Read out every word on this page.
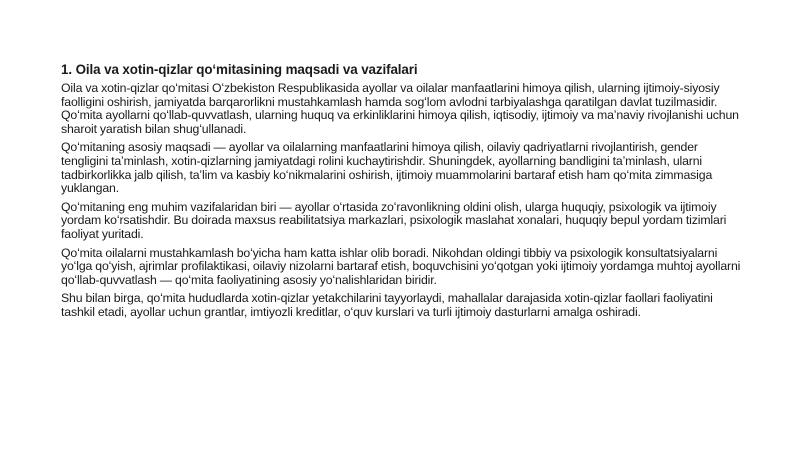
1. Oila va xotin-qizlar qoʻmitasining maqsadi va vazifalari

Oila va xotin-qizlar qoʻmitasi Oʻzbekiston Respublikasida ayollar va oilalar manfaatlarini himoya qilish, ularning ijtimoiy-siyosiy faolligini oshirish, jamiyatda barqarorlikni mustahkamlash hamda sogʻlom avlodni tarbiyalashga qaratilgan davlat tuzilmasidir. Qoʻmita ayollarni qoʻllab-quvvatlash, ularning huquq va erkinliklarini himoya qilish, iqtisodiy, ijtimoiy va maʼnaviy rivojlanishi uchun sharoit yaratish bilan shugʻullanadi.

Qoʻmitaning asosiy maqsadi — ayollar va oilalarning manfaatlarini himoya qilish, oilaviy qadriyatlarni rivojlantirish, gender tengligini taʼminlash, xotin-qizlarning jamiyatdagi rolini kuchaytirishdir. Shuningdek, ayollarning bandligini taʼminlash, ularni tadbirkorlikka jalb qilish, taʼlim va kasbiy koʻnikmalarini oshirish, ijtimoiy muammolarini bartaraf etish ham qoʻmita zimmasiga yuklangan.

Qoʻmitaning eng muhim vazifalaridan biri — ayollar oʻrtasida zoʻravonlikning oldini olish, ularga huquqiy, psixologik va ijtimoiy yordam koʻrsatishdir. Bu doirada maxsus reabilitatsiya markazlari, psixologik maslahat xonalari, huquqiy bepul yordam tizimlari faoliyat yuritadi.

Qoʻmita oilalarni mustahkamlash boʻyicha ham katta ishlar olib boradi. Nikohdan oldingi tibbiy va psixologik konsultatsiyalarni yoʻlga qoʻyish, ajrimlar profilaktikasi, oilaviy nizolarni bartaraf etish, boquvchisini yoʻqotgan yoki ijtimoiy yordamga muhtoj ayollarni qoʻllab-quvvatlash — qoʻmita faoliyatining asosiy yoʻnalishlaridan biridir.

Shu bilan birga, qoʻmita hududlarda xotin-qizlar yetakchilarini tayyorlaydi, mahallalar darajasida xotin-qizlar faollari faoliyatini tashkil etadi, ayollar uchun grantlar, imtiyozli kreditlar, oʻquv kurslari va turli ijtimoiy dasturlarni amalga oshiradi.
